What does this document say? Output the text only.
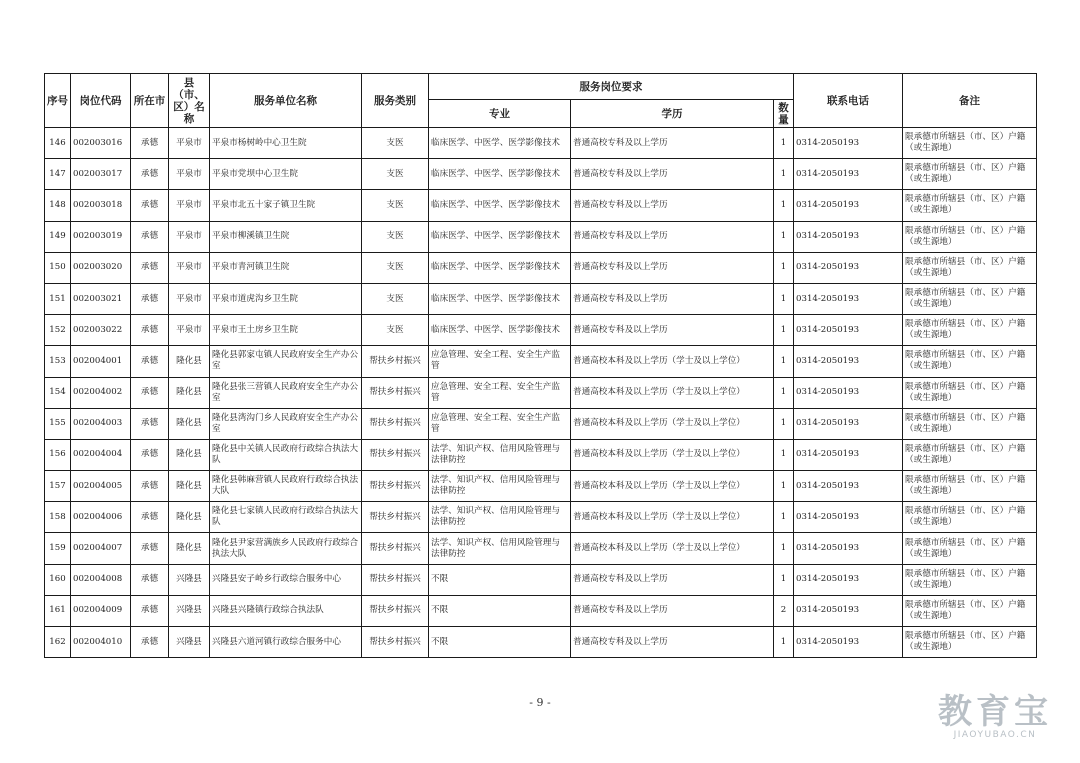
序号	岗位代码	所在市	县（市、区）名称	服务单位名称	服务类别	服务岗位要求			联系电话	备注
						专业	学历	数量		
146	002003016	承德	平泉市	平泉市杨树岭中心卫生院	支医	临床医学、中医学、医学影像技术	普通高校专科及以上学历	1	0314-2050193	限承德市所辖县（市、区）户籍（或生源地）
147	002003017	承德	平泉市	平泉市党坝中心卫生院	支医	临床医学、中医学、医学影像技术	普通高校专科及以上学历	1	0314-2050193	限承德市所辖县（市、区）户籍（或生源地）
148	002003018	承德	平泉市	平泉市北五十家子镇卫生院	支医	临床医学、中医学、医学影像技术	普通高校专科及以上学历	1	0314-2050193	限承德市所辖县（市、区）户籍（或生源地）
149	002003019	承德	平泉市	平泉市柳溪镇卫生院	支医	临床医学、中医学、医学影像技术	普通高校专科及以上学历	1	0314-2050193	限承德市所辖县（市、区）户籍（或生源地）
150	002003020	承德	平泉市	平泉市青河镇卫生院	支医	临床医学、中医学、医学影像技术	普通高校专科及以上学历	1	0314-2050193	限承德市所辖县（市、区）户籍（或生源地）
151	002003021	承德	平泉市	平泉市道虎沟乡卫生院	支医	临床医学、中医学、医学影像技术	普通高校专科及以上学历	1	0314-2050193	限承德市所辖县（市、区）户籍（或生源地）
152	002003022	承德	平泉市	平泉市王土房乡卫生院	支医	临床医学、中医学、医学影像技术	普通高校专科及以上学历	1	0314-2050193	限承德市所辖县（市、区）户籍（或生源地）
153	002004001	承德	隆化县	隆化县郭家屯镇人民政府安全生产办公室	帮扶乡村振兴	应急管理、安全工程、安全生产监管	普通高校本科及以上学历（学士及以上学位）	1	0314-2050193	限承德市所辖县（市、区）户籍（或生源地）
154	002004002	承德	隆化县	隆化县张三营镇人民政府安全生产办公室	帮扶乡村振兴	应急管理、安全工程、安全生产监管	普通高校本科及以上学历（学士及以上学位）	1	0314-2050193	限承德市所辖县（市、区）户籍（或生源地）
155	002004003	承德	隆化县	隆化县湾沟门乡人民政府安全生产办公室	帮扶乡村振兴	应急管理、安全工程、安全生产监管	普通高校本科及以上学历（学士及以上学位）	1	0314-2050193	限承德市所辖县（市、区）户籍（或生源地）
156	002004004	承德	隆化县	隆化县中关镇人民政府行政综合执法大队	帮扶乡村振兴	法学、知识产权、信用风险管理与法律防控	普通高校本科及以上学历（学士及以上学位）	1	0314-2050193	限承德市所辖县（市、区）户籍（或生源地）
157	002004005	承德	隆化县	隆化县韩麻营镇人民政府行政综合执法大队	帮扶乡村振兴	法学、知识产权、信用风险管理与法律防控	普通高校本科及以上学历（学士及以上学位）	1	0314-2050193	限承德市所辖县（市、区）户籍（或生源地）
158	002004006	承德	隆化县	隆化县七家镇人民政府行政综合执法大队	帮扶乡村振兴	法学、知识产权、信用风险管理与法律防控	普通高校本科及以上学历（学士及以上学位）	1	0314-2050193	限承德市所辖县（市、区）户籍（或生源地）
159	002004007	承德	隆化县	隆化县尹家营满族乡人民政府行政综合执法大队	帮扶乡村振兴	法学、知识产权、信用风险管理与法律防控	普通高校本科及以上学历（学士及以上学位）	1	0314-2050193	限承德市所辖县（市、区）户籍（或生源地）
160	002004008	承德	兴隆县	兴隆县安子岭乡行政综合服务中心	帮扶乡村振兴	不限	普通高校专科及以上学历	1	0314-2050193	限承德市所辖县（市、区）户籍（或生源地）
161	002004009	承德	兴隆县	兴隆县兴隆镇行政综合执法队	帮扶乡村振兴	不限	普通高校专科及以上学历	2	0314-2050193	限承德市所辖县（市、区）户籍（或生源地）
162	002004010	承德	兴隆县	兴隆县六道河镇行政综合服务中心	帮扶乡村振兴	不限	普通高校专科及以上学历	1	0314-2050193	限承德市所辖县（市、区）户籍（或生源地）
- 9 -	教育宝
JIAOYUBAO.CN
